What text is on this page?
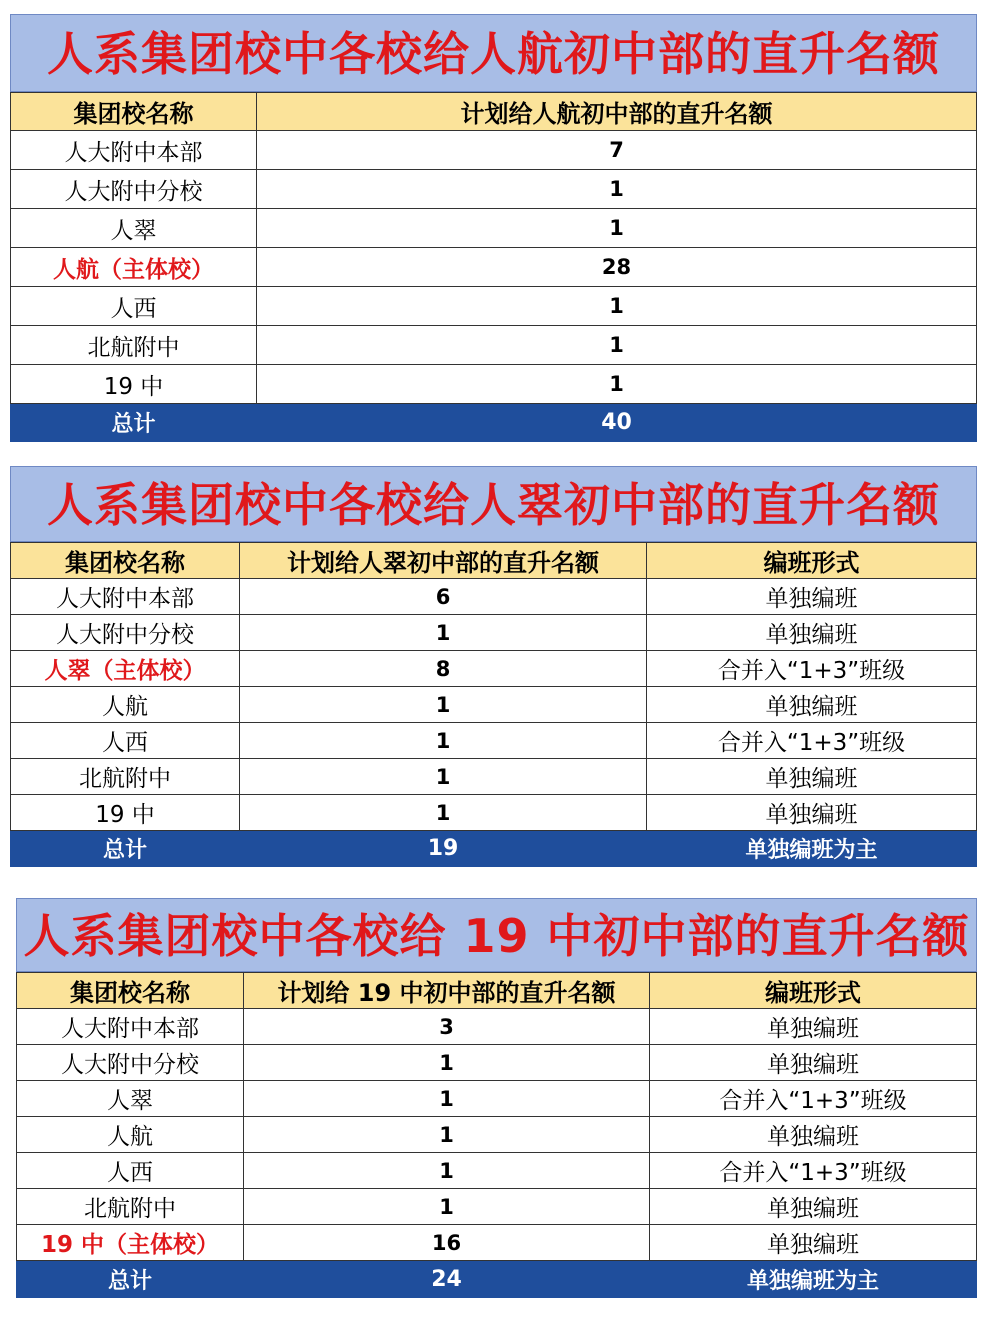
人系集团校中各校给人航初中部的直升名额
集团校名称	计划给人航初中部的直升名额
人大附中本部	7
人大附中分校	1
人翠	1
人航（主体校）	28
人西	1
北航附中	1
19 中	1
总计	40
人系集团校中各校给人翠初中部的直升名额
集团校名称	计划给人翠初中部的直升名额	编班形式
人大附中本部	6	单独编班
人大附中分校	1	单独编班
人翠（主体校）	8	合并入“1+3”班级
人航	1	单独编班
人西	1	合并入“1+3”班级
北航附中	1	单独编班
19 中	1	单独编班
总计	19	单独编班为主
人系集团校中各校给 19 中初中部的直升名额
集团校名称	计划给 19 中初中部的直升名额	编班形式
人大附中本部	3	单独编班
人大附中分校	1	单独编班
人翠	1	合并入“1+3”班级
人航	1	单独编班
人西	1	合并入“1+3”班级
北航附中	1	单独编班
19 中（主体校）	16	单独编班
总计	24	单独编班为主
